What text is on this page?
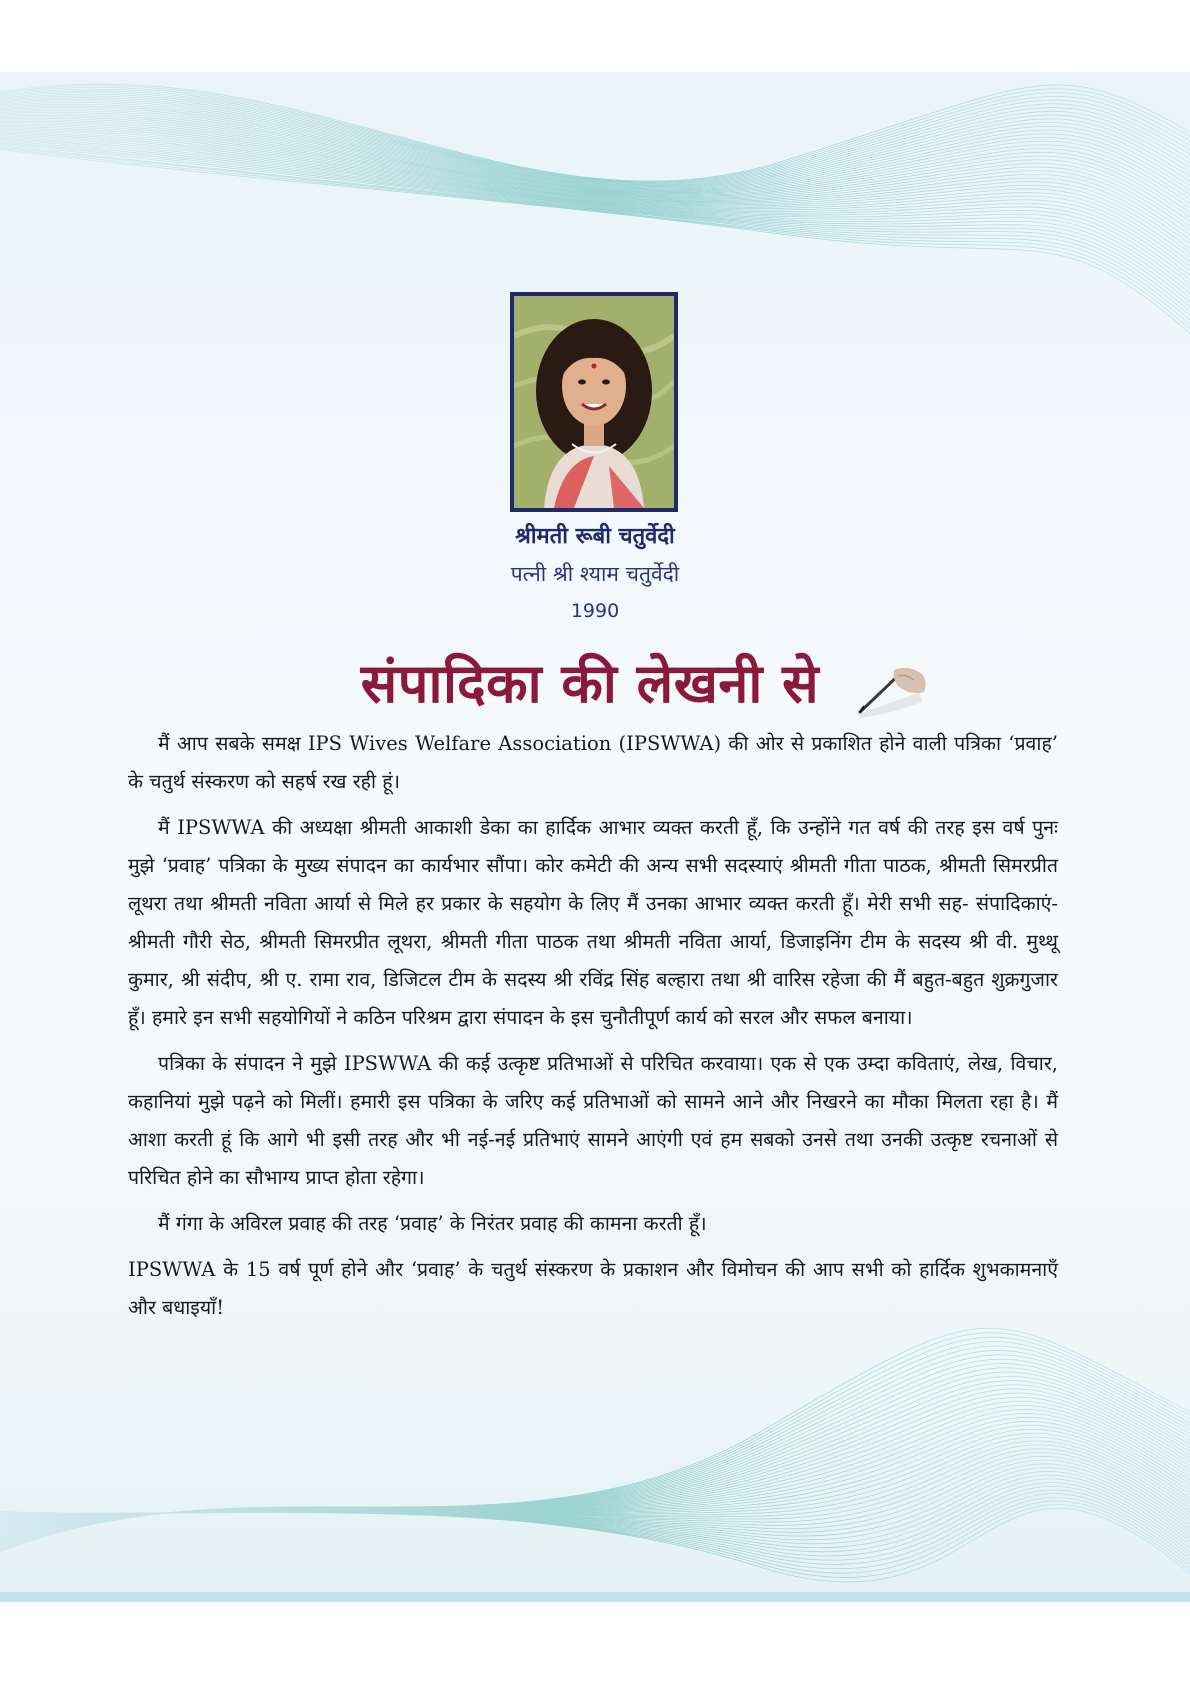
श्रीमती रूबी चतुर्वेदी
पत्नी श्री श्याम चतुर्वेदी
1990
संपादिका की लेखनी से

मैं आप सबके समक्ष IPS Wives Welfare Association (IPSWWA) की ओर से प्रकाशित होने वाली पत्रिका ‘प्रवाह’ के चतुर्थ संस्करण को सहर्ष रख रही हूं।

मैं IPSWWA की अध्यक्षा श्रीमती आकाशी डेका का हार्दिक आभार व्यक्त करती हूँ, कि उन्होंने गत वर्ष की तरह इस वर्ष पुनः मुझे ‘प्रवाह’ पत्रिका के मुख्य संपादन का कार्यभार सौंपा। कोर कमेटी की अन्य सभी सदस्याएं श्रीमती गीता पाठक, श्रीमती सिमरप्रीत लूथरा तथा श्रीमती नविता आर्या से मिले हर प्रकार के सहयोग के लिए मैं उनका आभार व्यक्त करती हूँ। मेरी सभी सह- संपादिकाएं- श्रीमती गौरी सेठ, श्रीमती सिमरप्रीत लूथरा, श्रीमती गीता पाठक तथा श्रीमती नविता आर्या, डिजाइनिंग टीम के सदस्य श्री वी. मुथ्थू कुमार, श्री संदीप, श्री ए. रामा राव, डिजिटल टीम के सदस्य श्री रविंद्र सिंह बल्हारा तथा श्री वारिस रहेजा की मैं बहुत-बहुत शुक्रगुजार हूँ। हमारे इन सभी सहयोगियों ने कठिन परिश्रम द्वारा संपादन के इस चुनौतीपूर्ण कार्य को सरल और सफल बनाया।

पत्रिका के संपादन ने मुझे IPSWWA की कई उत्कृष्ट प्रतिभाओं से परिचित करवाया। एक से एक उम्दा कविताएं, लेख, विचार, कहानियां मुझे पढ़ने को मिलीं। हमारी इस पत्रिका के जरिए कई प्रतिभाओं को सामने आने और निखरने का मौका मिलता रहा है। मैं आशा करती हूं कि आगे भी इसी तरह और भी नई-नई प्रतिभाएं सामने आएंगी एवं हम सबको उनसे तथा उनकी उत्कृष्ट रचनाओं से परिचित होने का सौभाग्य प्राप्त होता रहेगा।

मैं गंगा के अविरल प्रवाह की तरह ‘प्रवाह’ के निरंतर प्रवाह की कामना करती हूँ।

IPSWWA के 15 वर्ष पूर्ण होने और ‘प्रवाह’ के चतुर्थ संस्करण के प्रकाशन और विमोचन की आप सभी को हार्दिक शुभकामनाएँ और बधाइयाँ!
